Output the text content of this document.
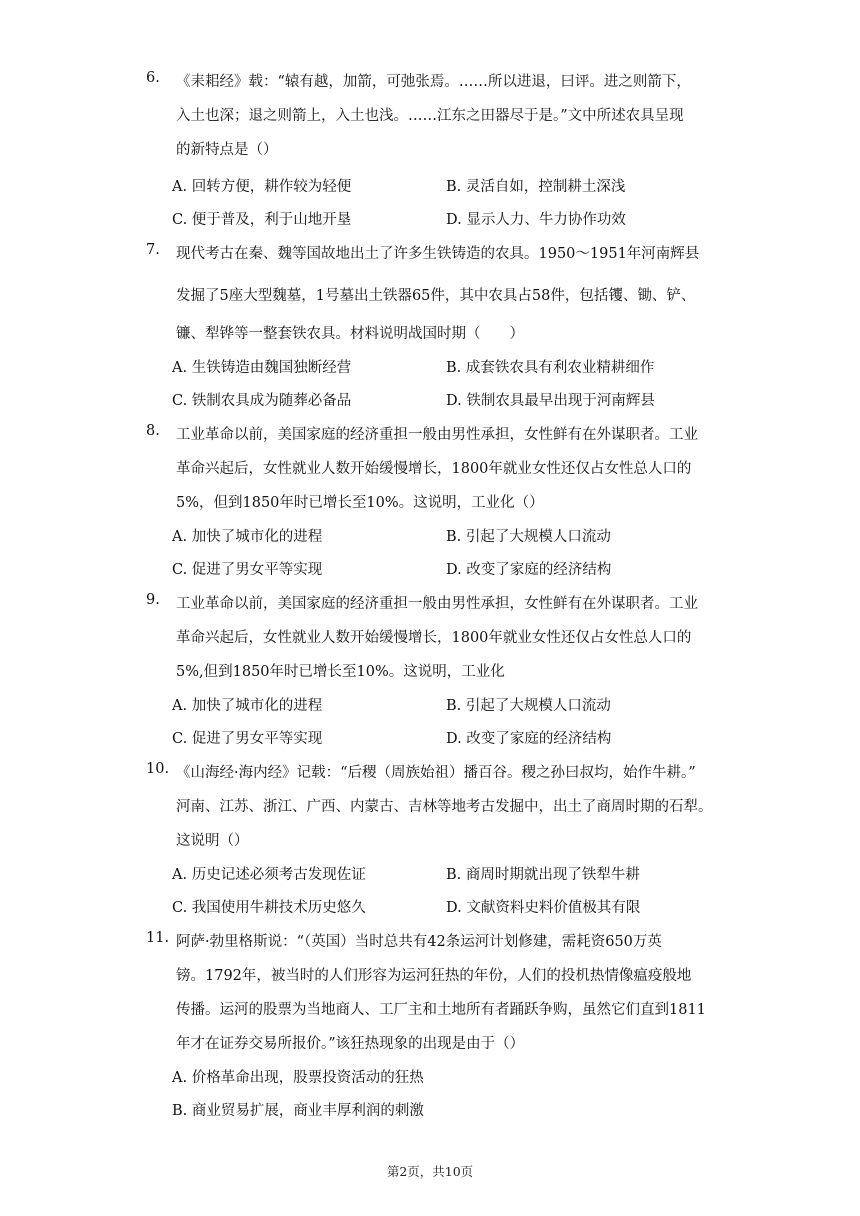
6. 《耒耜经》载：“辕有越，加箭，可弛张焉。……所以进退，曰评。进之则箭下，
入土也深；退之则箭上，入土也浅。……江东之田器尽于是。”文中所述农具呈现
的新特点是（）
A. 回转方便，耕作较为轻便	B. 灵活自如，控制耕土深浅
C. 便于普及，利于山地开垦	D. 显示人力、牛力协作功效
7. 现代考古在秦、魏等国故地出土了许多生铁铸造的农具。1950～1951年河南辉县
发掘了5座大型魏墓，1号墓出土铁器65件，其中农具占58件，包括䦆、锄、铲、
镰、犁铧等一整套铁农具。材料说明战国时期（　　）
A. 生铁铸造由魏国独断经营	B. 成套铁农具有利农业精耕细作
C. 铁制农具成为随葬必备品	D. 铁制农具最早出现于河南辉县
8. 工业革命以前，美国家庭的经济重担一般由男性承担，女性鲜有在外谋职者。工业
革命兴起后，女性就业人数开始缓慢增长，1800年就业女性还仅占女性总人口的
5%，但到1850年时已增长至10%。这说明，工业化（）
A. 加快了城市化的进程	B. 引起了大规模人口流动
C. 促进了男女平等实现	D. 改变了家庭的经济结构
9. 工业革命以前，美国家庭的经济重担一般由男性承担，女性鲜有在外谋职者。工业
革命兴起后，女性就业人数开始缓慢增长，1800年就业女性还仅占女性总人口的
5%,但到1850年时已增长至10%。这说明，工业化
A. 加快了城市化的进程	B. 引起了大规模人口流动
C. 促进了男女平等实现	D. 改变了家庭的经济结构
10. 《山海经·海内经》记载：“后稷（周族始祖）播百谷。稷之孙曰叔均，始作牛耕。”
河南、江苏、浙江、广西、内蒙古、吉林等地考古发掘中，出土了商周时期的石犁。
这说明（）
A. 历史记述必须考古发现佐证	B. 商周时期就出现了铁犁牛耕
C. 我国使用牛耕技术历史悠久	D. 文献资料史料价值极其有限
11. 阿萨·勃里格斯说：“（英国）当时总共有42条运河计划修建，需耗资650万英
镑。1792年，被当时的人们形容为运河狂热的年份，人们的投机热情像瘟疫般地
传播。运河的股票为当地商人、工厂主和土地所有者踊跃争购，虽然它们直到1811
年才在证券交易所报价。”该狂热现象的出现是由于（）
A. 价格革命出现，股票投资活动的狂热
B. 商业贸易扩展，商业丰厚利润的刺激
第2页，共10页
